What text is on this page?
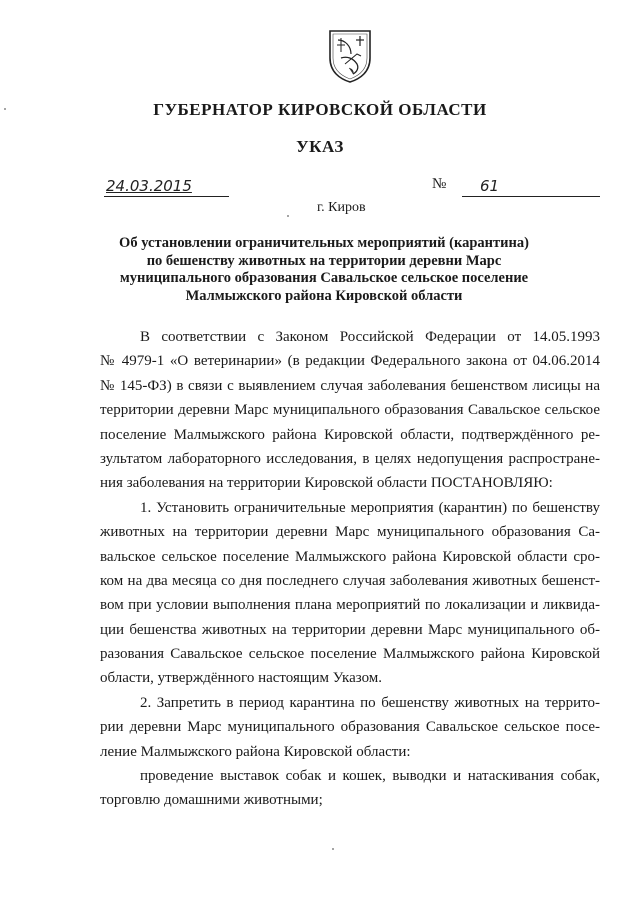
ГУБЕРНАТОР КИРОВСКОЙ ОБЛАСТИ
УКАЗ
24.03.2015	№ 61
г. Киров
Об установлении ограничительных мероприятий (карантина)
по бешенству животных на территории деревни Марс
муниципального образования Савальское сельское поселение
Малмыжского района Кировской области
В соответствии с Законом Российской Федерации от 14.05.1993
№ 4979-1 «О ветеринарии» (в редакции Федерального закона от 04.06.2014
№ 145-ФЗ) в связи с выявлением случая заболевания бешенством лисицы на
территории деревни Марс муниципального образования Савальское сельское
поселение Малмыжского района Кировской области, подтверждённого ре-
зультатом лабораторного исследования, в целях недопущения распростране-
ния заболевания на территории Кировской области ПОСТАНОВЛЯЮ:
1. Установить ограничительные мероприятия (карантин) по бешенству
животных на территории деревни Марс муниципального образования Са-
вальское сельское поселение Малмыжского района Кировской области сро-
ком на два месяца со дня последнего случая заболевания животных бешенст-
вом при условии выполнения плана мероприятий по локализации и ликвида-
ции бешенства животных на территории деревни Марс муниципального об-
разования Савальское сельское поселение Малмыжского района Кировской
области, утверждённого настоящим Указом.
2. Запретить в период карантина по бешенству животных на террито-
рии деревни Марс муниципального образования Савальское сельское посе-
ление Малмыжского района Кировской области:
проведение выставок собак и кошек, выводки и натаскивания собак,
торговлю домашними животными;
